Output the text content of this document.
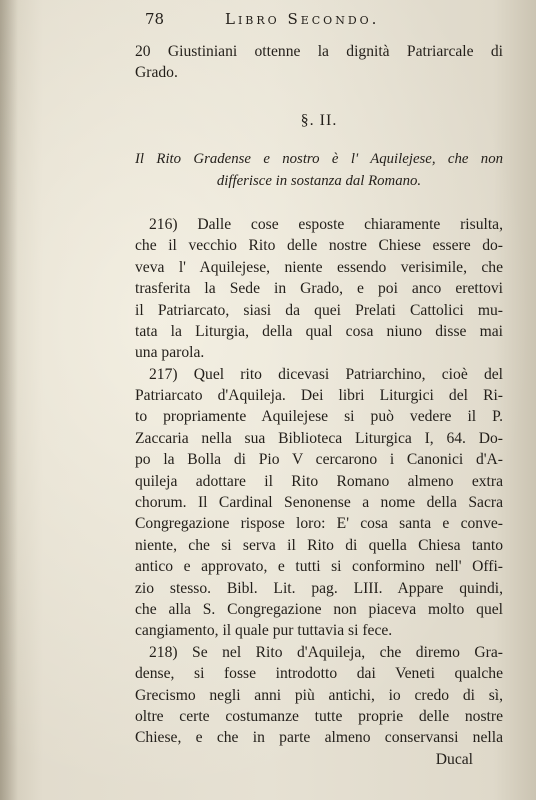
78	Libro Secondo.
20 Giustiniani ottenne la dignità Patriarcale di
Grado.
§. II.
Il Rito Gradense e nostro è l' Aquilejese, che non
differisce in sostanza dal Romano.
216) Dalle cose esposte chiaramente risulta,
che il vecchio Rito delle nostre Chiese essere do-
veva l' Aquilejese, niente essendo verisimile, che
trasferita la Sede in Grado, e poi anco erettovi
il Patriarcato, siasi da quei Prelati Cattolici mu-
tata la Liturgia, della qual cosa niuno disse mai
una parola.
217) Quel rito dicevasi Patriarchino, cioè del
Patriarcato d'Aquileja. Dei libri Liturgici del Ri-
to propriamente Aquilejese si può vedere il P.
Zaccaria nella sua Biblioteca Liturgica I, 64. Do-
po la Bolla di Pio V cercarono i Canonici d'A-
quileja adottare il Rito Romano almeno extra
chorum. Il Cardinal Senonense a nome della Sacra
Congregazione rispose loro: E' cosa santa e conve-
niente, che si serva il Rito di quella Chiesa tanto
antico e approvato, e tutti si conformino nell' Offi-
zio stesso. Bibl. Lit. pag. LIII. Appare quindi,
che alla S. Congregazione non piaceva molto quel
cangiamento, il quale pur tuttavia si fece.
218) Se nel Rito d'Aquileja, che diremo Gra-
dense, si fosse introdotto dai Veneti qualche
Grecismo negli anni più antichi, io credo di sì,
oltre certe costumanze tutte proprie delle nostre
Chiese, e che in parte almeno conservansi nella
Ducal
